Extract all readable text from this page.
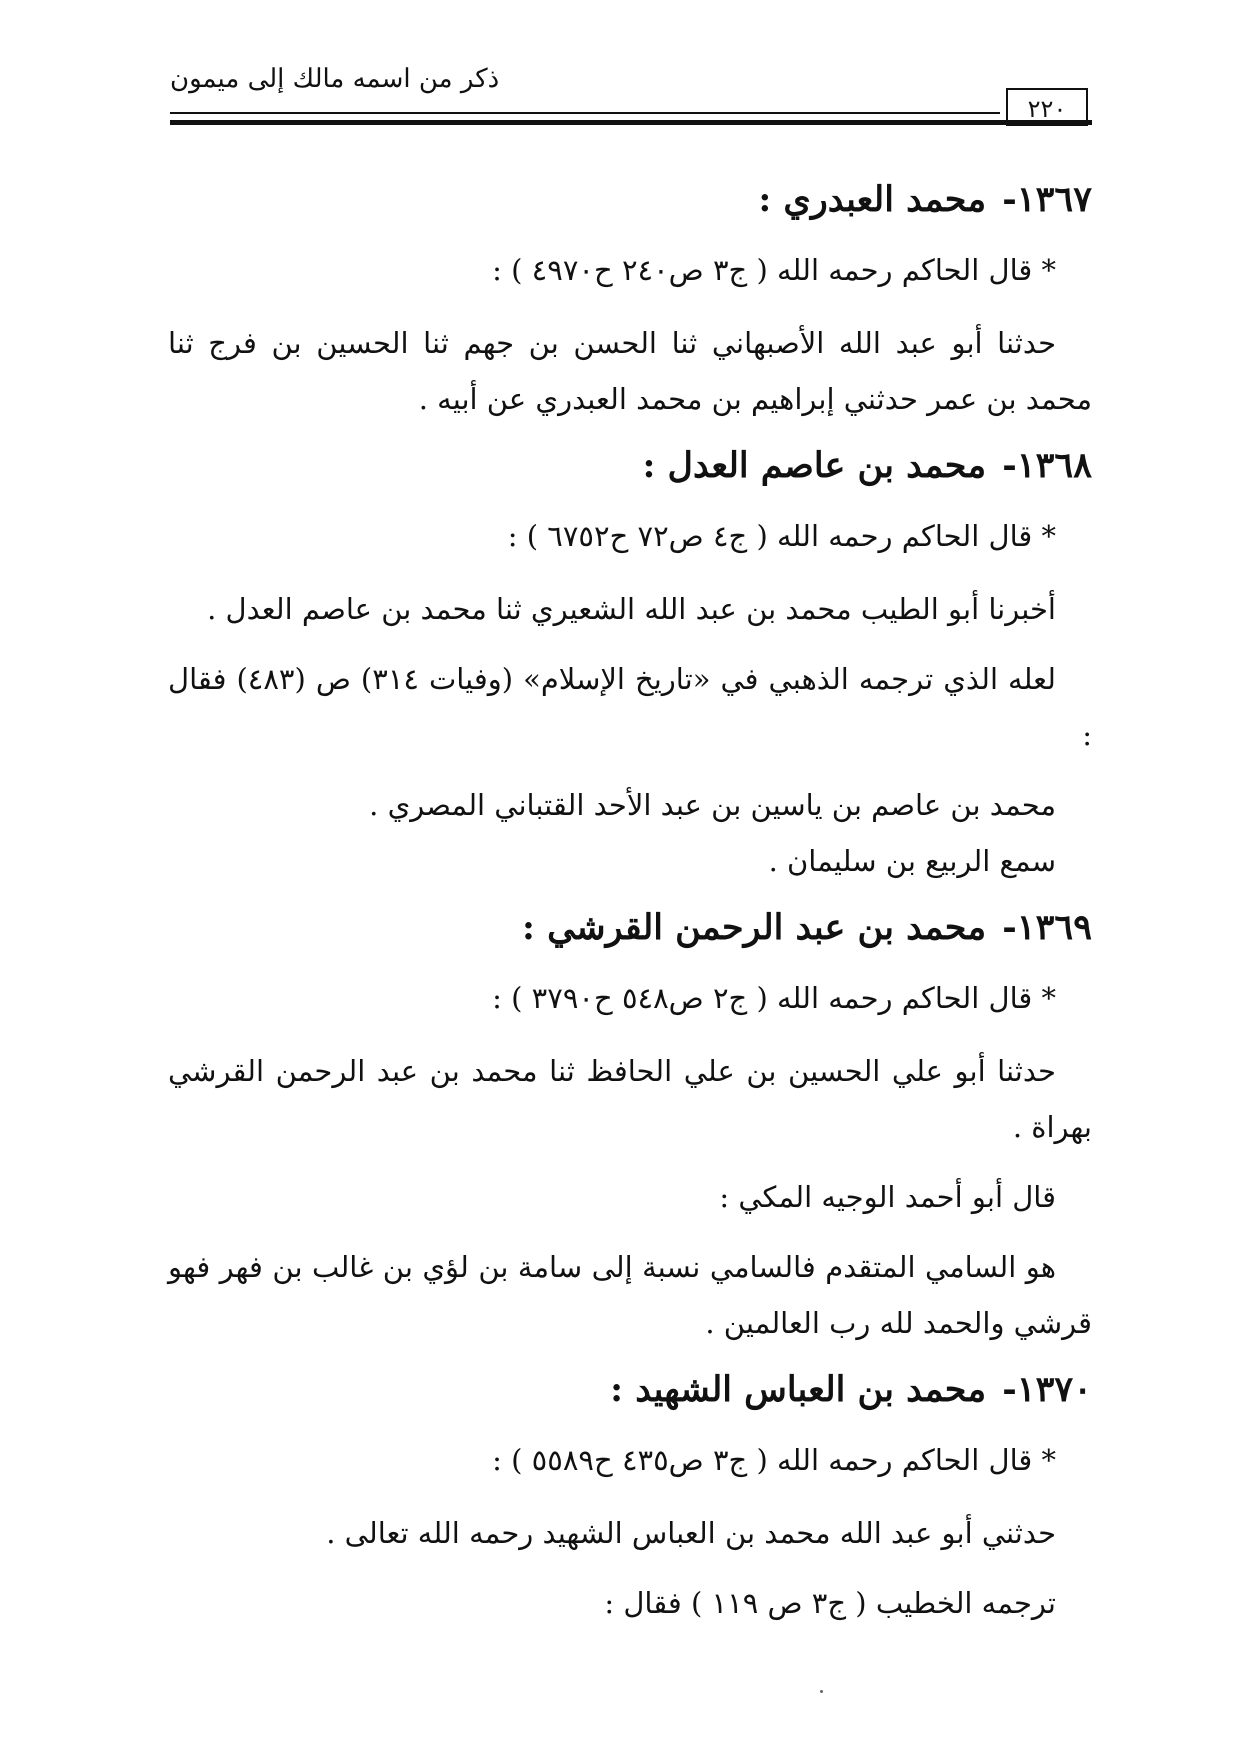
ذكر من اسمه مالك إلى ميمون
٢٢٠
١٣٦٧- محمد العبدري :
* قال الحاكم رحمه الله ( ج٣ ص٢٤٠ ح٤٩٧٠ ) :

حدثنا أبو عبد الله الأصبهاني ثنا الحسن بن جهم ثنا الحسين بن فرج ثنا محمد بن عمر حدثني إبراهيم بن محمد العبدري عن أبيه .

١٣٦٨- محمد بن عاصم العدل :
* قال الحاكم رحمه الله ( ج٤ ص٧٢ ح٦٧٥٢ ) :

أخبرنا أبو الطيب محمد بن عبد الله الشعيري ثنا محمد بن عاصم العدل .

لعله الذي ترجمه الذهبي في «تاريخ الإسلام» (وفيات ٣١٤) ص (٤٨٣) فقال :

محمد بن عاصم بن ياسين بن عبد الأحد القتباني المصري .

سمع الربيع بن سليمان .

١٣٦٩- محمد بن عبد الرحمن القرشي :
* قال الحاكم رحمه الله ( ج٢ ص٥٤٨ ح٣٧٩٠ ) :

حدثنا أبو علي الحسين بن علي الحافظ ثنا محمد بن عبد الرحمن القرشي بهراة .

قال أبو أحمد الوجيه المكي :

هو السامي المتقدم فالسامي نسبة إلى سامة بن لؤي بن غالب بن فهر فهو قرشي والحمد لله رب العالمين .

١٣٧٠- محمد بن العباس الشهيد :
* قال الحاكم رحمه الله ( ج٣ ص٤٣٥ ح٥٥٨٩ ) :

حدثني أبو عبد الله محمد بن العباس الشهيد رحمه الله تعالى .

ترجمه الخطيب ( ج٣ ص ١١٩ ) فقال :
